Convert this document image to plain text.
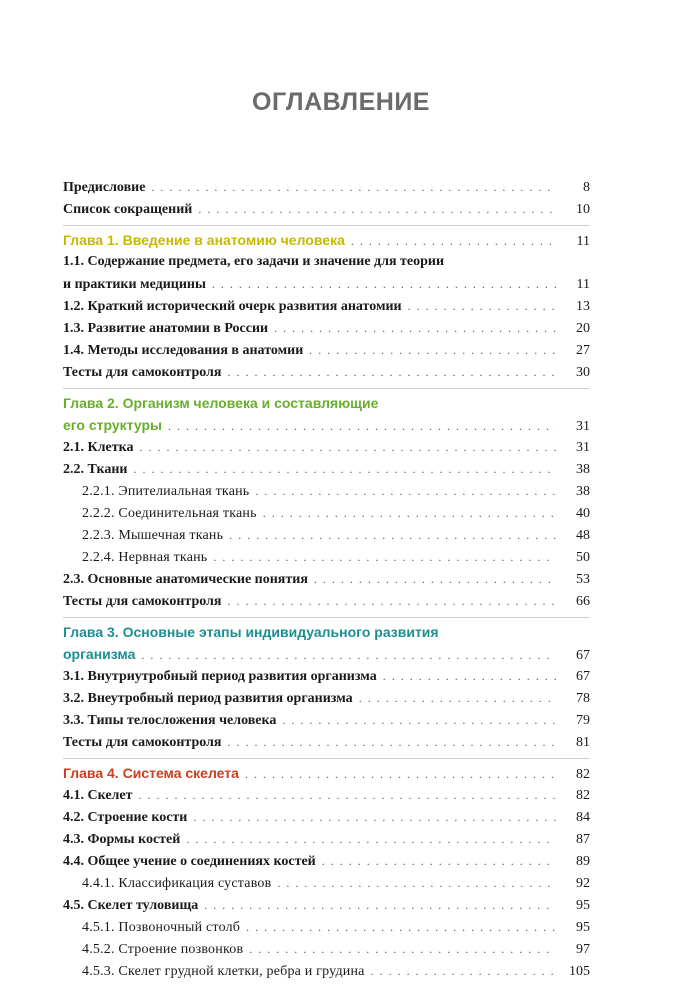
ОГЛАВЛЕНИЕ
Предисловие . . .	8
Список сокращений . . .	10
Глава 1. Введение в анатомию человека . . .	11
1.1. Содержание предмета, его задачи и значение для теории
и практики медицины . . .	11
1.2. Краткий исторический очерк развития анатомии . . .	13
1.3. Развитие анатомии в России . . .	20
1.4. Методы исследования в анатомии . . .	27
Тесты для самоконтроля . . .	30
Глава 2. Организм человека и составляющие
его структуры . . .	31
2.1. Клетка . . .	31
2.2. Ткани . . .	38
2.2.1. Эпителиальная ткань . . .	38
2.2.2. Соединительная ткань . . .	40
2.2.3. Мышечная ткань . . .	48
2.2.4. Нервная ткань . . .	50
2.3. Основные анатомические понятия . . .	53
Тесты для самоконтроля . . .	66
Глава 3. Основные этапы индивидуального развития
организма . . .	67
3.1. Внутриутробный период развития организма . . .	67
3.2. Внеутробный период развития организма . . .	78
3.3. Типы телосложения человека . . .	79
Тесты для самоконтроля . . .	81
Глава 4. Система скелета . . .	82
4.1. Скелет . . .	82
4.2. Строение кости . . .	84
4.3. Формы костей . . .	87
4.4. Общее учение о соединениях костей . . .	89
4.4.1. Классификация суставов . . .	92
4.5. Скелет туловища . . .	95
4.5.1. Позвоночный столб . . .	95
4.5.2. Строение позвонков . . .	97
4.5.3. Скелет грудной клетки, ребра и грудина . . .	105
